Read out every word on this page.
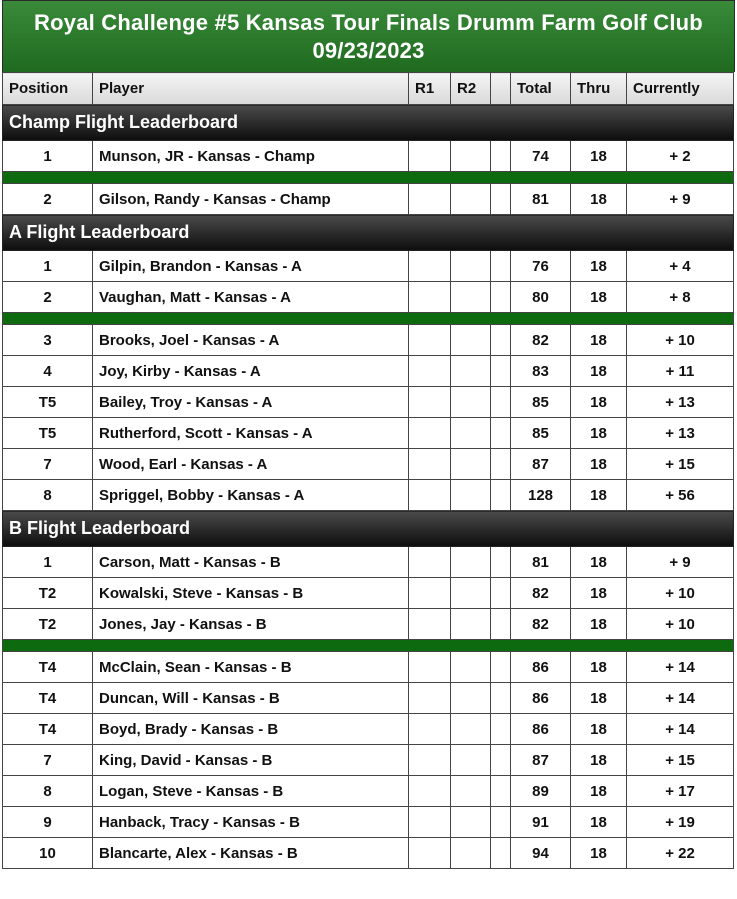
Royal Challenge #5 Kansas Tour Finals Drumm Farm Golf Club
09/23/2023
Position	Player	R1	R2		Total	Thru	Currently
Champ Flight Leaderboard							
1	Munson, JR - Kansas - Champ				74	18	+ 2

2	Gilson, Randy - Kansas - Champ				81	18	+ 9
A Flight Leaderboard							
1	Gilpin, Brandon - Kansas - A				76	18	+ 4
2	Vaughan, Matt - Kansas - A				80	18	+ 8

3	Brooks, Joel - Kansas - A				82	18	+ 10
4	Joy, Kirby - Kansas - A				83	18	+ 11
T5	Bailey, Troy - Kansas - A				85	18	+ 13
T5	Rutherford, Scott - Kansas - A				85	18	+ 13
7	Wood, Earl - Kansas - A				87	18	+ 15
8	Spriggel, Bobby - Kansas - A				128	18	+ 56
B Flight Leaderboard							
1	Carson, Matt - Kansas - B				81	18	+ 9
T2	Kowalski, Steve - Kansas - B				82	18	+ 10
T2	Jones, Jay - Kansas - B				82	18	+ 10

T4	McClain, Sean - Kansas - B				86	18	+ 14
T4	Duncan, Will - Kansas - B				86	18	+ 14
T4	Boyd, Brady - Kansas - B				86	18	+ 14
7	King, David - Kansas - B				87	18	+ 15
8	Logan, Steve - Kansas - B				89	18	+ 17
9	Hanback, Tracy - Kansas - B				91	18	+ 19
10	Blancarte, Alex - Kansas - B				94	18	+ 22
